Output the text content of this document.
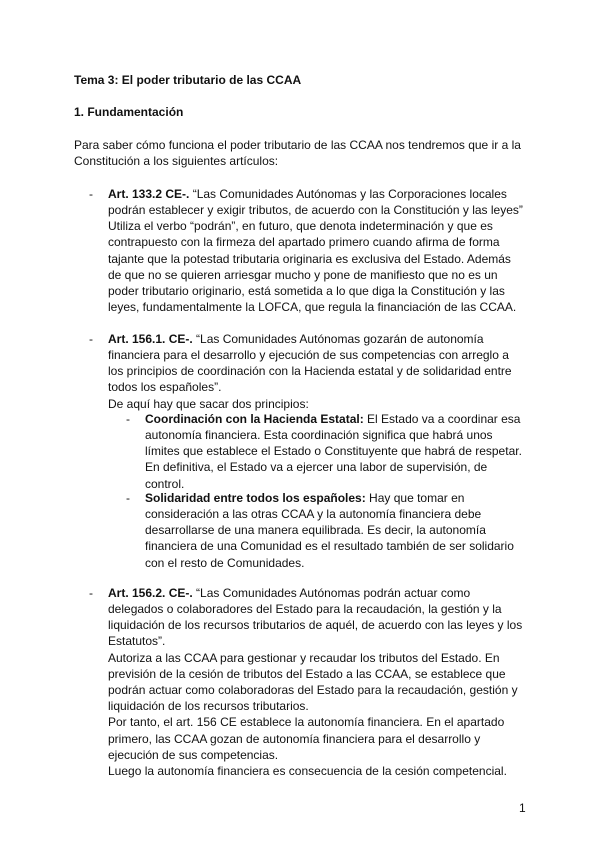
Tema 3: El poder tributario de las CCAA
1. Fundamentación
Para saber cómo funciona el poder tributario de las CCAA nos tendremos que ir a la
Constitución a los siguientes artículos:
- Art. 133.2 CE-. “Las Comunidades Autónomas y las Corporaciones locales
podrán establecer y exigir tributos, de acuerdo con la Constitución y las leyes”
Utiliza el verbo “podrán”, en futuro, que denota indeterminación y que es
contrapuesto con la firmeza del apartado primero cuando afirma de forma
tajante que la potestad tributaria originaria es exclusiva del Estado. Además
de que no se quieren arriesgar mucho y pone de manifiesto que no es un
poder tributario originario, está sometida a lo que diga la Constitución y las
leyes, fundamentalmente la LOFCA, que regula la financiación de las CCAA.
- Art. 156.1. CE-. “Las Comunidades Autónomas gozarán de autonomía
financiera para el desarrollo y ejecución de sus competencias con arreglo a
los principios de coordinación con la Hacienda estatal y de solidaridad entre
todos los españoles”.
De aquí hay que sacar dos principios:
- Coordinación con la Hacienda Estatal: El Estado va a coordinar esa
autonomía financiera. Esta coordinación significa que habrá unos
límites que establece el Estado o Constituyente que habrá de respetar.
En definitiva, el Estado va a ejercer una labor de supervisión, de
control.
- Solidaridad entre todos los españoles: Hay que tomar en
consideración a las otras CCAA y la autonomía financiera debe
desarrollarse de una manera equilibrada. Es decir, la autonomía
financiera de una Comunidad es el resultado también de ser solidario
con el resto de Comunidades.
- Art. 156.2. CE-. “Las Comunidades Autónomas podrán actuar como
delegados o colaboradores del Estado para la recaudación, la gestión y la
liquidación de los recursos tributarios de aquél, de acuerdo con las leyes y los
Estatutos”.
Autoriza a las CCAA para gestionar y recaudar los tributos del Estado. En
previsión de la cesión de tributos del Estado a las CCAA, se establece que
podrán actuar como colaboradoras del Estado para la recaudación, gestión y
liquidación de los recursos tributarios.
Por tanto, el art. 156 CE establece la autonomía financiera. En el apartado
primero, las CCAA gozan de autonomía financiera para el desarrollo y
ejecución de sus competencias.
Luego la autonomía financiera es consecuencia de la cesión competencial.
1
